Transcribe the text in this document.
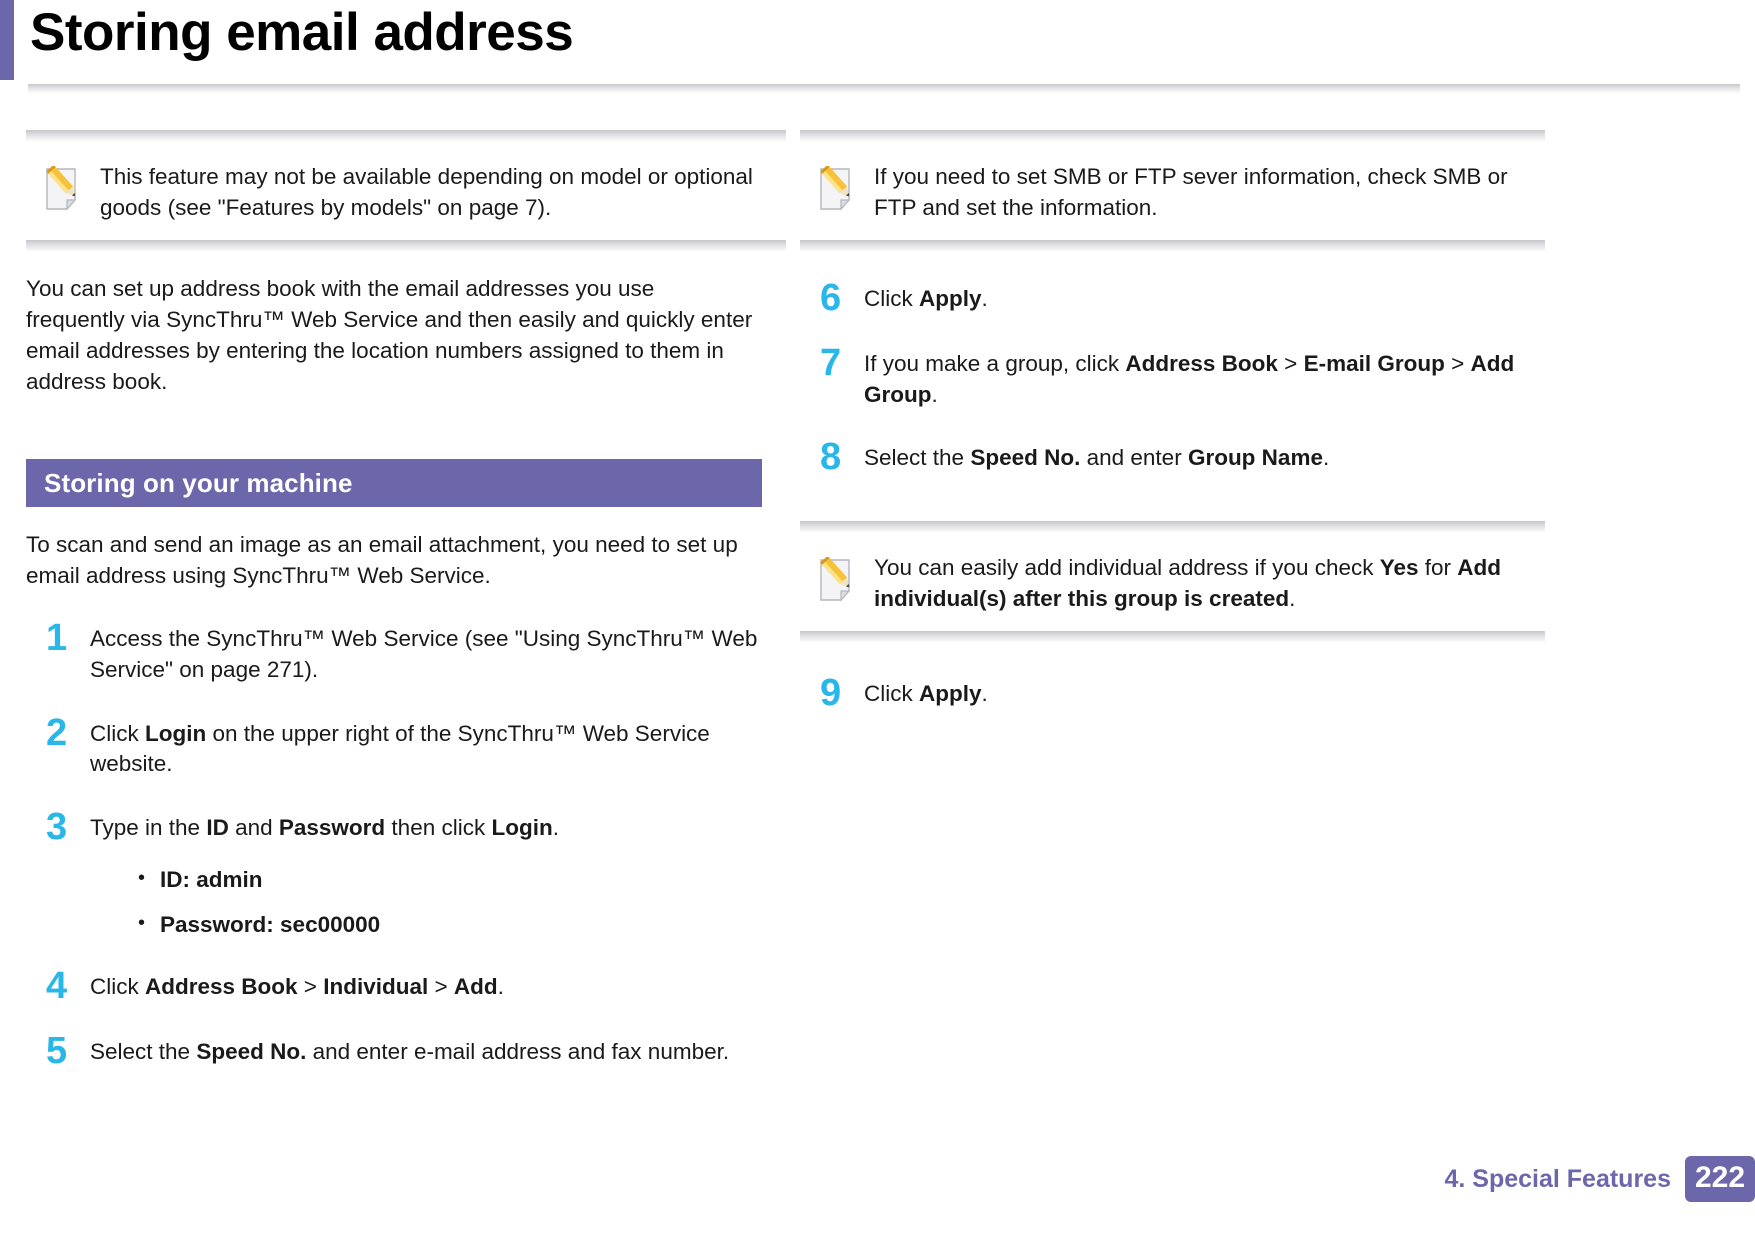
Storing email address
This feature may not be available depending on model or optional goods (see "Features by models" on page 7).

You can set up address book with the email addresses you use frequently via SyncThru™ Web Service and then easily and quickly enter email addresses by entering the location numbers assigned to them in address book.

Storing on your machine

To scan and send an image as an email attachment, you need to set up email address using SyncThru™ Web Service.

1	Access the SyncThru™ Web Service (see "Using SyncThru™ Web Service" on page 271).
2	Click Login on the upper right of the SyncThru™ Web Service website.
3	Type in the ID and Password then click Login.
• ID: admin
• Password: sec00000
4	Click Address Book > Individual > Add.
5	Select the Speed No. and enter e-mail address and fax number.
If you need to set SMB or FTP sever information, check SMB or FTP and set the information.
6	Click Apply.
7	If you make a group, click Address Book > E-mail Group > Add Group.
8	Select the Speed No. and enter Group Name.
You can easily add individual address if you check Yes for Add individual(s) after this group is created.
9	Click Apply.
4. Special Features 222
